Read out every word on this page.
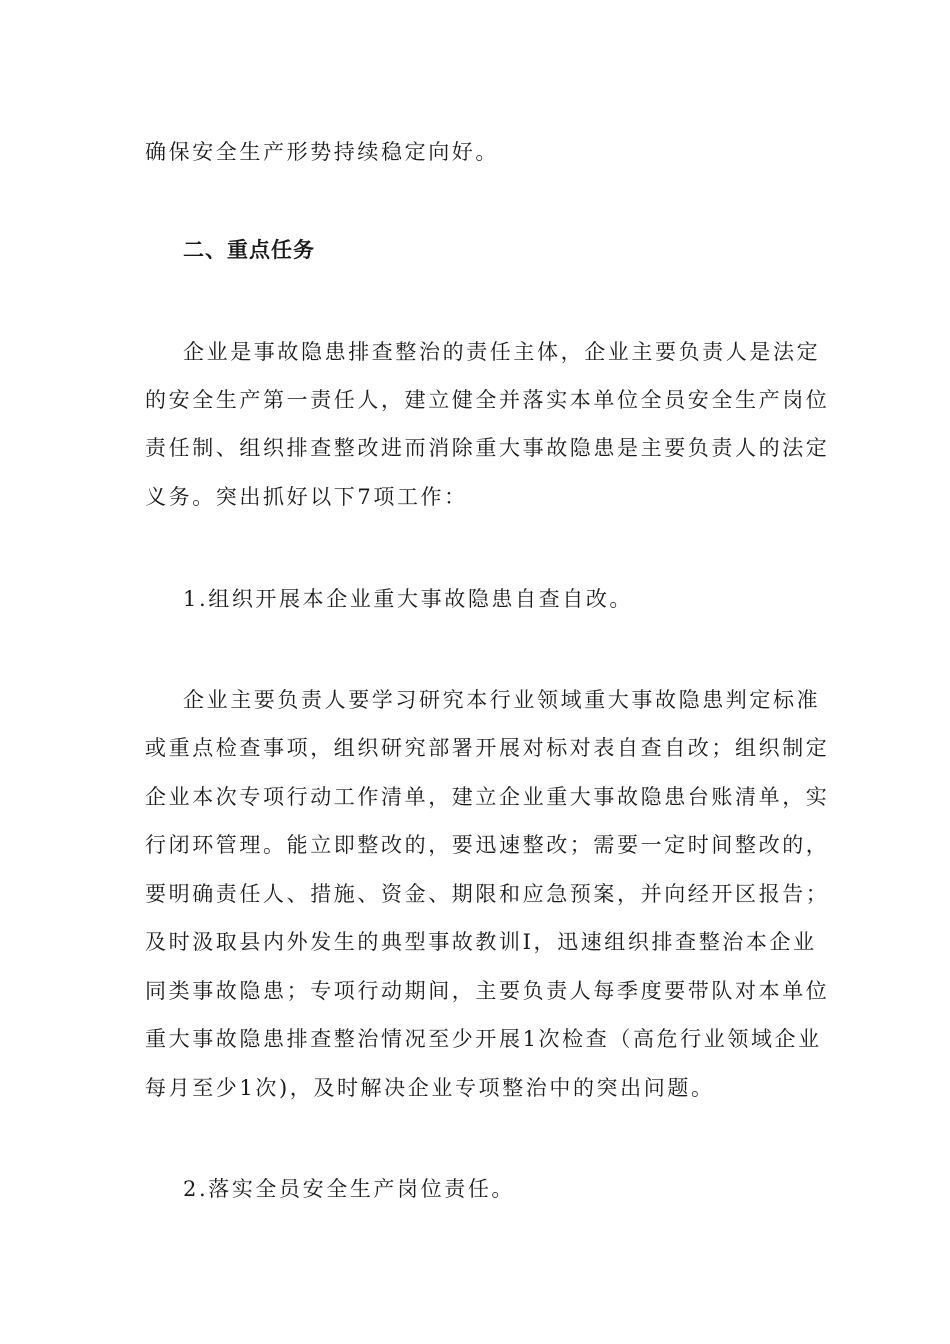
确保安全生产形势持续稳定向好。
二、重点任务
企业是事故隐患排查整治的责任主体，企业主要负责人是法定
的安全生产第一责任人，建立健全并落实本单位全员安全生产岗位
责任制、组织排查整改进而消除重大事故隐患是主要负责人的法定
义务。突出抓好以下7项工作：
1.组织开展本企业重大事故隐患自查自改。
企业主要负责人要学习研究本行业领域重大事故隐患判定标准
或重点检查事项，组织研究部署开展对标对表自查自改；组织制定
企业本次专项行动工作清单，建立企业重大事故隐患台账清单，实
行闭环管理。能立即整改的，要迅速整改；需要一定时间整改的，
要明确责任人、措施、资金、期限和应急预案，并向经开区报告；
及时汲取县内外发生的典型事故教训I，迅速组织排查整治本企业
同类事故隐患；专项行动期间，主要负责人每季度要带队对本单位
重大事故隐患排查整治情况至少开展1次检查（高危行业领域企业
每月至少1次)，及时解决企业专项整治中的突出问题。
2.落实全员安全生产岗位责任。
